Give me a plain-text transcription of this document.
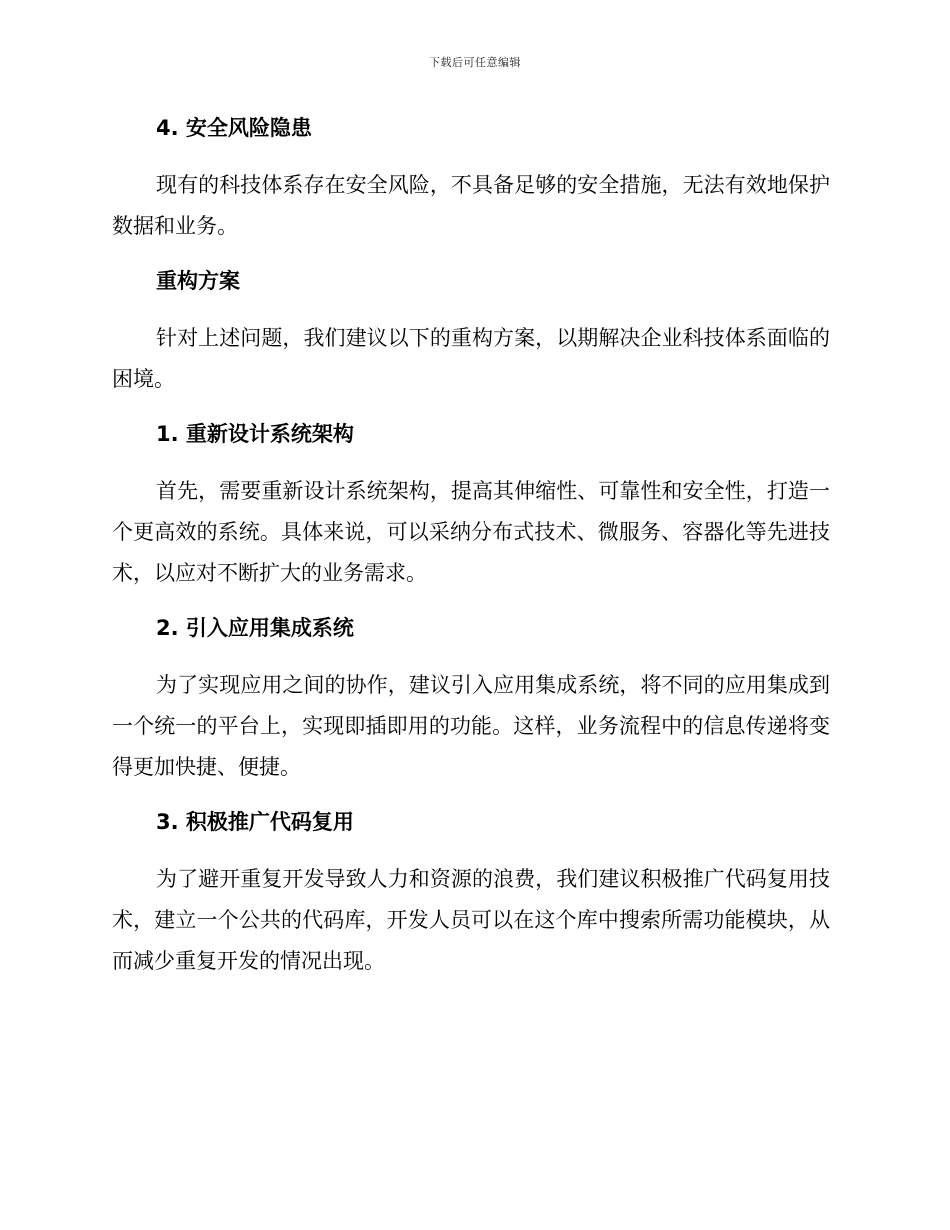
下载后可任意编辑
4. 安全风险隐患

现有的科技体系存在安全风险，不具备足够的安全措施，无法有效地保护数据和业务。

重构方案

针对上述问题，我们建议以下的重构方案，以期解决企业科技体系面临的困境。

1. 重新设计系统架构

首先，需要重新设计系统架构，提高其伸缩性、可靠性和安全性，打造一个更高效的系统。具体来说，可以采纳分布式技术、微服务、容器化等先进技术，以应对不断扩大的业务需求。

2. 引入应用集成系统

为了实现应用之间的协作，建议引入应用集成系统，将不同的应用集成到一个统一的平台上，实现即插即用的功能。这样，业务流程中的信息传递将变得更加快捷、便捷。

3. 积极推广代码复用

为了避开重复开发导致人力和资源的浪费，我们建议积极推广代码复用技术，建立一个公共的代码库，开发人员可以在这个库中搜索所需功能模块，从而减少重复开发的情况出现。
